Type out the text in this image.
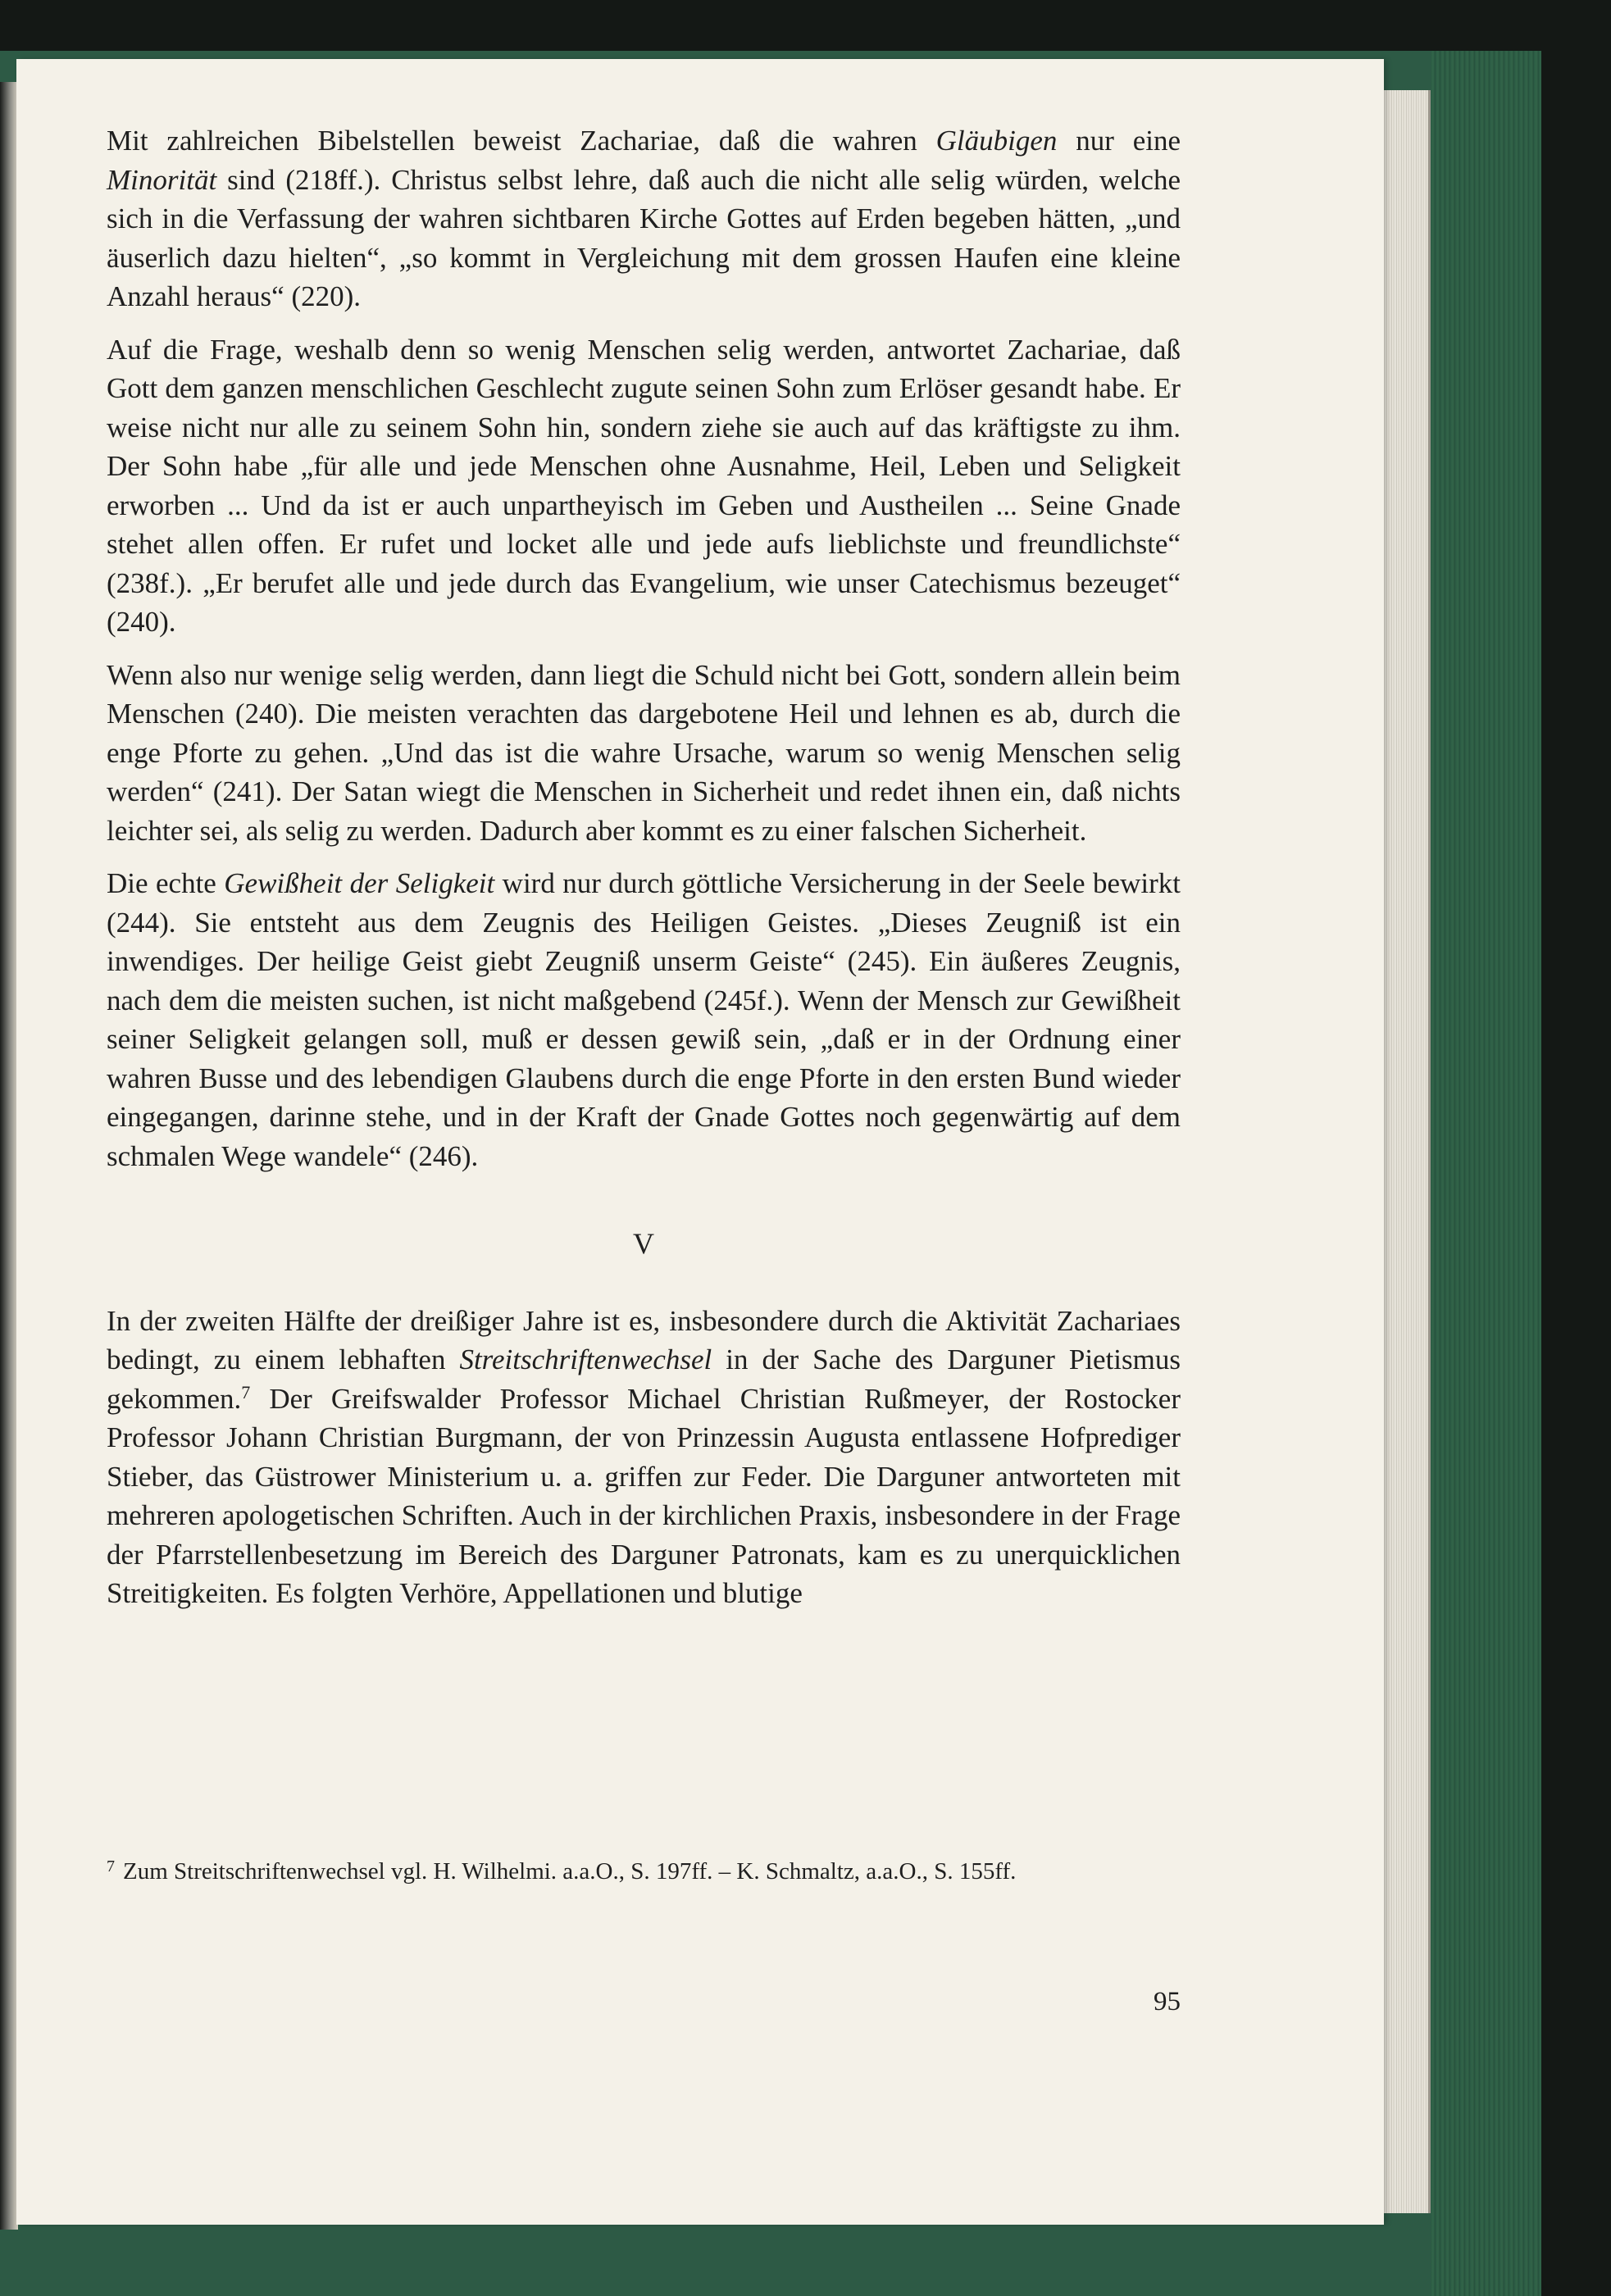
Mit zahlreichen Bibelstellen beweist Zachariae, daß die wahren Gläubigen nur eine Minorität sind (218ff.). Christus selbst lehre, daß auch die nicht alle selig würden, welche sich in die Verfassung der wahren sichtbaren Kirche Gottes auf Erden begeben hätten, „und äuserlich dazu hielten“, „so kommt in Vergleichung mit dem grossen Haufen eine kleine Anzahl heraus“ (220).

Auf die Frage, weshalb denn so wenig Menschen selig werden, antwortet Zachariae, daß Gott dem ganzen menschlichen Geschlecht zugute seinen Sohn zum Erlöser gesandt habe. Er weise nicht nur alle zu seinem Sohn hin, sondern ziehe sie auch auf das kräftigste zu ihm. Der Sohn habe „für alle und jede Menschen ohne Ausnahme, Heil, Leben und Seligkeit erworben ... Und da ist er auch unpartheyisch im Geben und Austheilen ... Seine Gnade stehet allen offen. Er rufet und locket alle und jede aufs lieblichste und freundlichste“ (238f.). „Er berufet alle und jede durch das Evangelium, wie unser Catechismus bezeuget“ (240).

Wenn also nur wenige selig werden, dann liegt die Schuld nicht bei Gott, sondern allein beim Menschen (240). Die meisten verachten das dargebotene Heil und lehnen es ab, durch die enge Pforte zu gehen. „Und das ist die wahre Ursache, warum so wenig Menschen selig werden“ (241). Der Satan wiegt die Menschen in Sicherheit und redet ihnen ein, daß nichts leichter sei, als selig zu werden. Dadurch aber kommt es zu einer falschen Sicherheit.

Die echte Gewißheit der Seligkeit wird nur durch göttliche Versicherung in der Seele bewirkt (244). Sie entsteht aus dem Zeugnis des Heiligen Geistes. „Dieses Zeugniß ist ein inwendiges. Der heilige Geist giebt Zeugniß unserm Geiste“ (245). Ein äußeres Zeugnis, nach dem die meisten suchen, ist nicht maßgebend (245f.). Wenn der Mensch zur Gewißheit seiner Seligkeit gelangen soll, muß er dessen gewiß sein, „daß er in der Ordnung einer wahren Busse und des lebendigen Glaubens durch die enge Pforte in den ersten Bund wieder eingegangen, darinne stehe, und in der Kraft der Gnade Gottes noch gegenwärtig auf dem schmalen Wege wandele“ (246).

V

In der zweiten Hälfte der dreißiger Jahre ist es, insbesondere durch die Aktivität Zachariaes bedingt, zu einem lebhaften Streitschriftenwechsel in der Sache des Darguner Pietismus gekommen.$^7$ Der Greifswalder Professor Michael Christian Rußmeyer, der Rostocker Professor Johann Christian Burgmann, der von Prinzessin Augusta entlassene Hofprediger Stieber, das Güstrower Ministerium u. a. griffen zur Feder. Die Darguner antworteten mit mehreren apologetischen Schriften. Auch in der kirchlichen Praxis, insbesondere in der Frage der Pfarrstellenbesetzung im Bereich des Darguner Patronats, kam es zu unerquicklichen Streitigkeiten. Es folgten Verhöre, Appellationen und blutige

$^7$ Zum Streitschriftenwechsel vgl. H. Wilhelmi. a.a.O., S. 197ff. – K. Schmaltz, a.a.O., S. 155ff.
95
